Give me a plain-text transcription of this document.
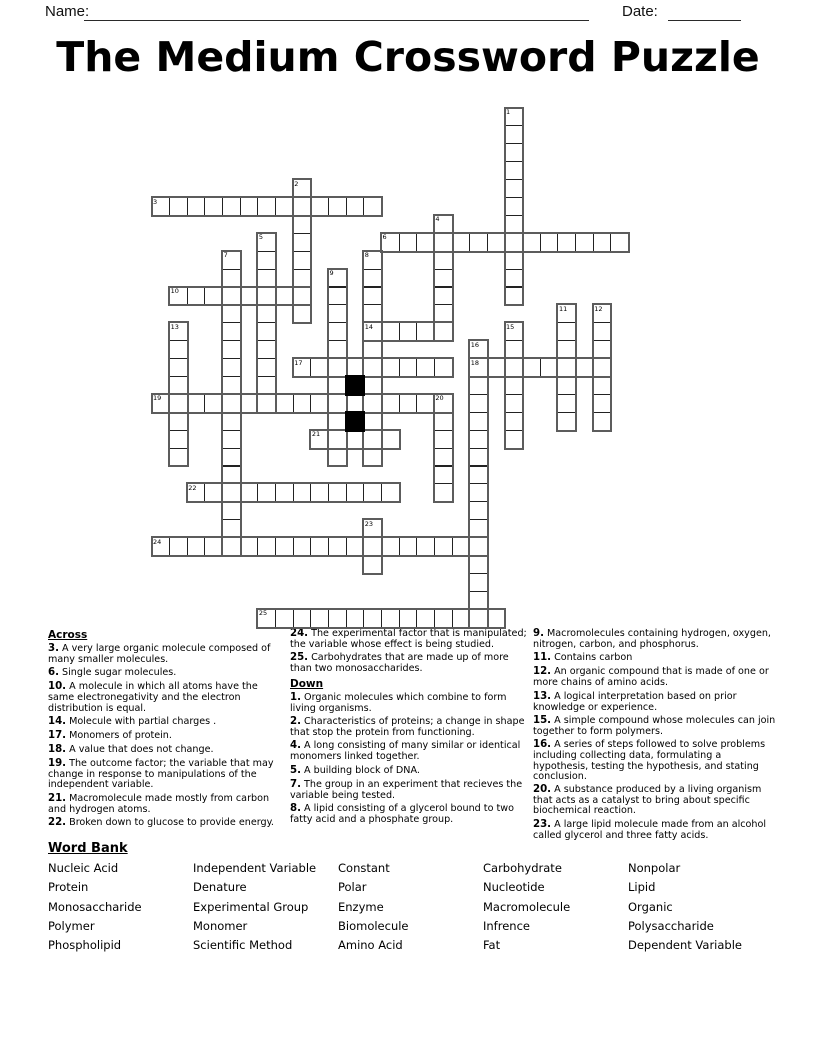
Name:	Date:
The Medium Crossword Puzzle
1
2
3
4
5	6
7	8
9
10
11	12
13	14	15
16
17	18
19	20
21
22
23
24
25
Across

3. A very large organic molecule composed of many smaller molecules.

6. Single sugar molecules.

10. A molecule in which all atoms have the same electronegativity and the electron distribution is equal.

14. Molecule with partial charges .

17. Monomers of protein.

18. A value that does not change.

19. The outcome factor; the variable that may change in response to manipulations of the independent variable.

21. Macromolecule made mostly from carbon and hydrogen atoms.

22. Broken down to glucose to provide energy.

24. The experimental factor that is manipulated; the variable whose effect is being studied.

25. Carbohydrates that are made up of more than two monosaccharides.

Down

1. Organic molecules which combine to form living organisms.

2. Characteristics of proteins; a change in shape that stop the protein from functioning.

4. A long consisting of many similar or identical monomers linked together.

5. A building block of DNA.

7. The group in an experiment that recieves the variable being tested.

8. A lipid consisting of a glycerol bound to two fatty acid and a phosphate group.

9. Macromolecules containing hydrogen, oxygen, nitrogen, carbon, and phosphorus.

11. Contains carbon

12. An organic compound that is made of one or more chains of amino acids.

13. A logical interpretation based on prior knowledge or experience.

15. A simple compound whose molecules can join together to form polymers.

16. A series of steps followed to solve problems including collecting data, formulating a hypothesis, testing the hypothesis, and stating conclusion.

20. A substance produced by a living organism that acts as a catalyst to bring about specific biochemical reaction.

23. A large lipid molecule made from an alcohol called glycerol and three fatty acids.

Word Bank
Nucleic Acid
Protein
Monosaccharide
Polymer
Phospholipid
Independent Variable
Denature
Experimental Group
Monomer
Scientific Method
Constant
Polar
Enzyme
Biomolecule
Amino Acid
Carbohydrate
Nucleotide
Macromolecule
Infrence
Fat
Nonpolar
Lipid
Organic
Polysaccharide
Dependent Variable
